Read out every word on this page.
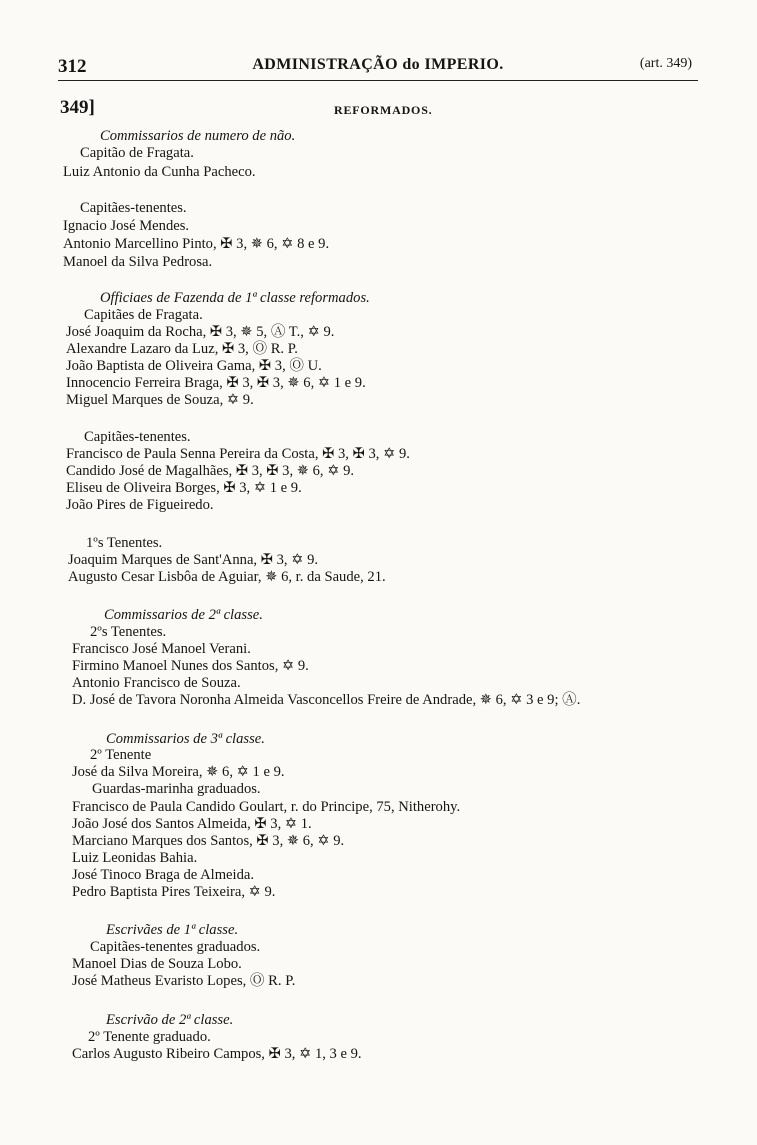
312	ADMINISTRAÇÃO do IMPERIO.	(art. 349)
349]	REFORMADOS.
Commissarios de numero de não.
Capitão de Fragata.
Luiz Antonio da Cunha Pacheco.
Capitães-tenentes.
Ignacio José Mendes.
Antonio Marcellino Pinto, ✠ 3, ✵ 6, ✡ 8 e 9.
Manoel da Silva Pedrosa.
Officiaes de Fazenda de 1ª classe reformados.
Capitães de Fragata.
José Joaquim da Rocha, ✠ 3, ✵ 5, Ⓐ T., ✡ 9.
Alexandre Lazaro da Luz, ✠ 3, Ⓞ R. P.
João Baptista de Oliveira Gama, ✠ 3, Ⓞ U.
Innocencio Ferreira Braga, ✠ 3, ✠ 3, ✵ 6, ✡ 1 e 9.
Miguel Marques de Souza, ✡ 9.
Capitães-tenentes.
Francisco de Paula Senna Pereira da Costa, ✠ 3, ✠ 3, ✡ 9.
Candido José de Magalhães, ✠ 3, ✠ 3, ✵ 6, ✡ 9.
Eliseu de Oliveira Borges, ✠ 3, ✡ 1 e 9.
João Pires de Figueiredo.
1ºs Tenentes.
Joaquim Marques de Sant'Anna, ✠ 3, ✡ 9.
Augusto Cesar Lisbôa de Aguiar, ✵ 6, r. da Saude, 21.
Commissarios de 2ª classe.
2ºs Tenentes.
Francisco José Manoel Verani.
Firmino Manoel Nunes dos Santos, ✡ 9.
Antonio Francisco de Souza.
D. José de Tavora Noronha Almeida Vasconcellos Freire de Andrade, ✵ 6, ✡ 3 e 9; Ⓐ.
Commissarios de 3ª classe.
2º Tenente
José da Silva Moreira, ✵ 6, ✡ 1 e 9.
Guardas-marinha graduados.
Francisco de Paula Candido Goulart, r. do Principe, 75, Nitherohy.
João José dos Santos Almeida, ✠ 3, ✡ 1.
Marciano Marques dos Santos, ✠ 3, ✵ 6, ✡ 9.
Luiz Leonidas Bahia.
José Tinoco Braga de Almeida.
Pedro Baptista Pires Teixeira, ✡ 9.
Escrivães de 1ª classe.
Capitães-tenentes graduados.
Manoel Dias de Souza Lobo.
José Matheus Evaristo Lopes, Ⓞ R. P.
Escrivão de 2ª classe.
2º Tenente graduado.
Carlos Augusto Ribeiro Campos, ✠ 3, ✡ 1, 3 e 9.
